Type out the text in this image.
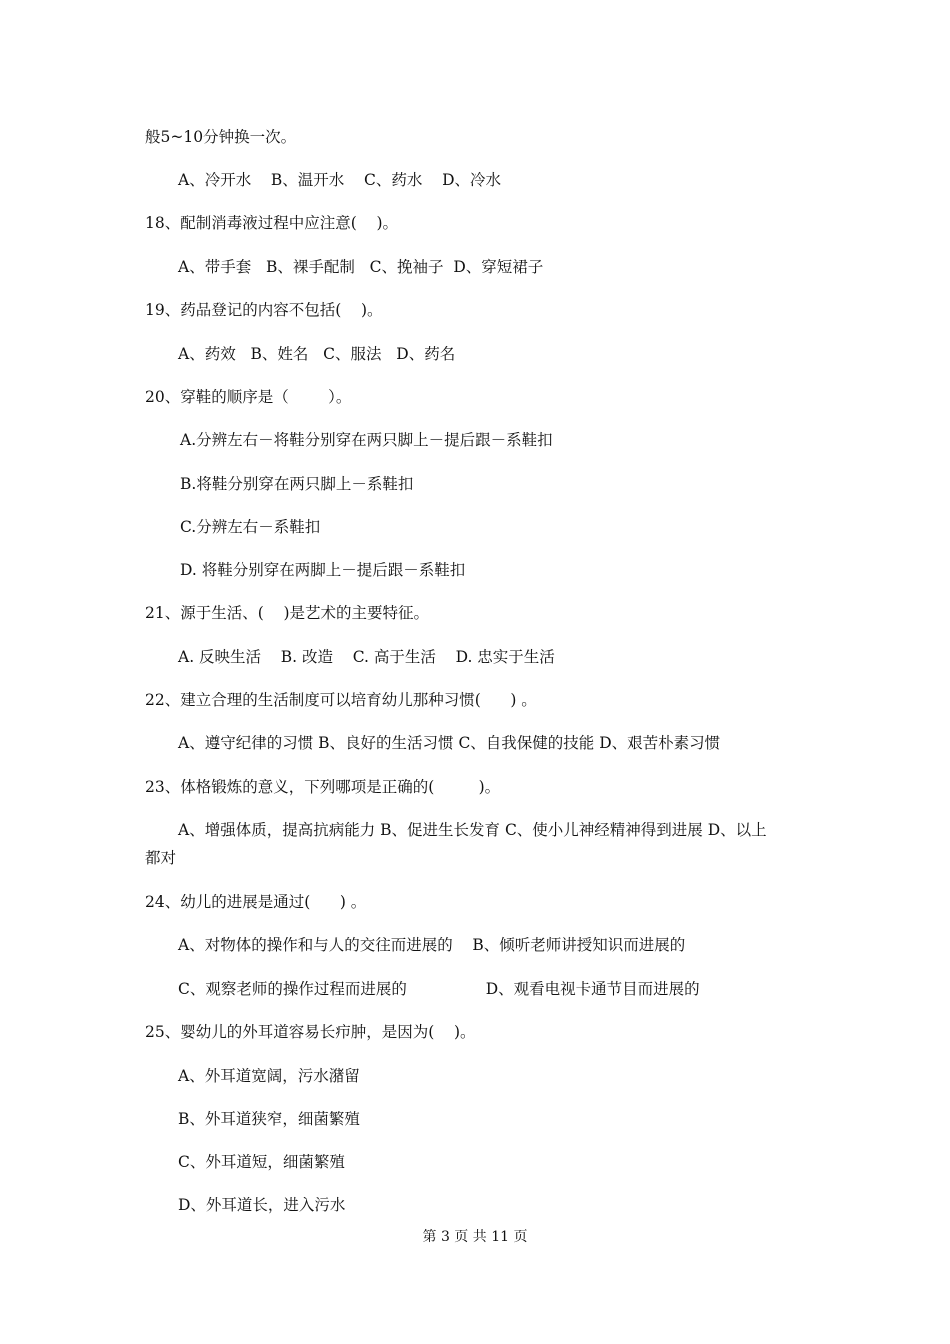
般5~10分钟换一次。
A、冷开水    B、温开水    C、药水    D、冷水
18、配制消毒液过程中应注意(    )。
A、带手套   B、裸手配制   C、挽袖子  D、穿短裙子
19、药品登记的内容不包括(    )。
A、药效   B、姓名   C、服法   D、药名
20、穿鞋的顺序是（        ）。
A.分辨左右－将鞋分别穿在两只脚上－提后跟－系鞋扣
B.将鞋分别穿在两只脚上－系鞋扣
C.分辨左右－系鞋扣
D. 将鞋分别穿在两脚上－提后跟－系鞋扣
21、源于生活、(    )是艺术的主要特征。
A. 反映生活    B. 改造    C. 高于生活    D. 忠实于生活
22、建立合理的生活制度可以培育幼儿那种习惯(      ) 。
A、遵守纪律的习惯 B、良好的生活习惯 C、自我保健的技能 D、艰苦朴素习惯
23、体格锻炼的意义，下列哪项是正确的(         )。
A、增强体质，提高抗病能力 B、促进生长发育 C、使小儿神经精神得到进展 D、以上
都对
24、幼儿的进展是通过(      ) 。
A、对物体的操作和与人的交往而进展的    B、倾听老师讲授知识而进展的
C、观察老师的操作过程而进展的                D、观看电视卡通节目而进展的
25、婴幼儿的外耳道容易长疖肿，是因为(    )。
A、外耳道宽阔，污水潴留
B、外耳道狭窄，细菌繁殖
C、外耳道短，细菌繁殖
D、外耳道长，进入污水
第 3 页 共 11 页
